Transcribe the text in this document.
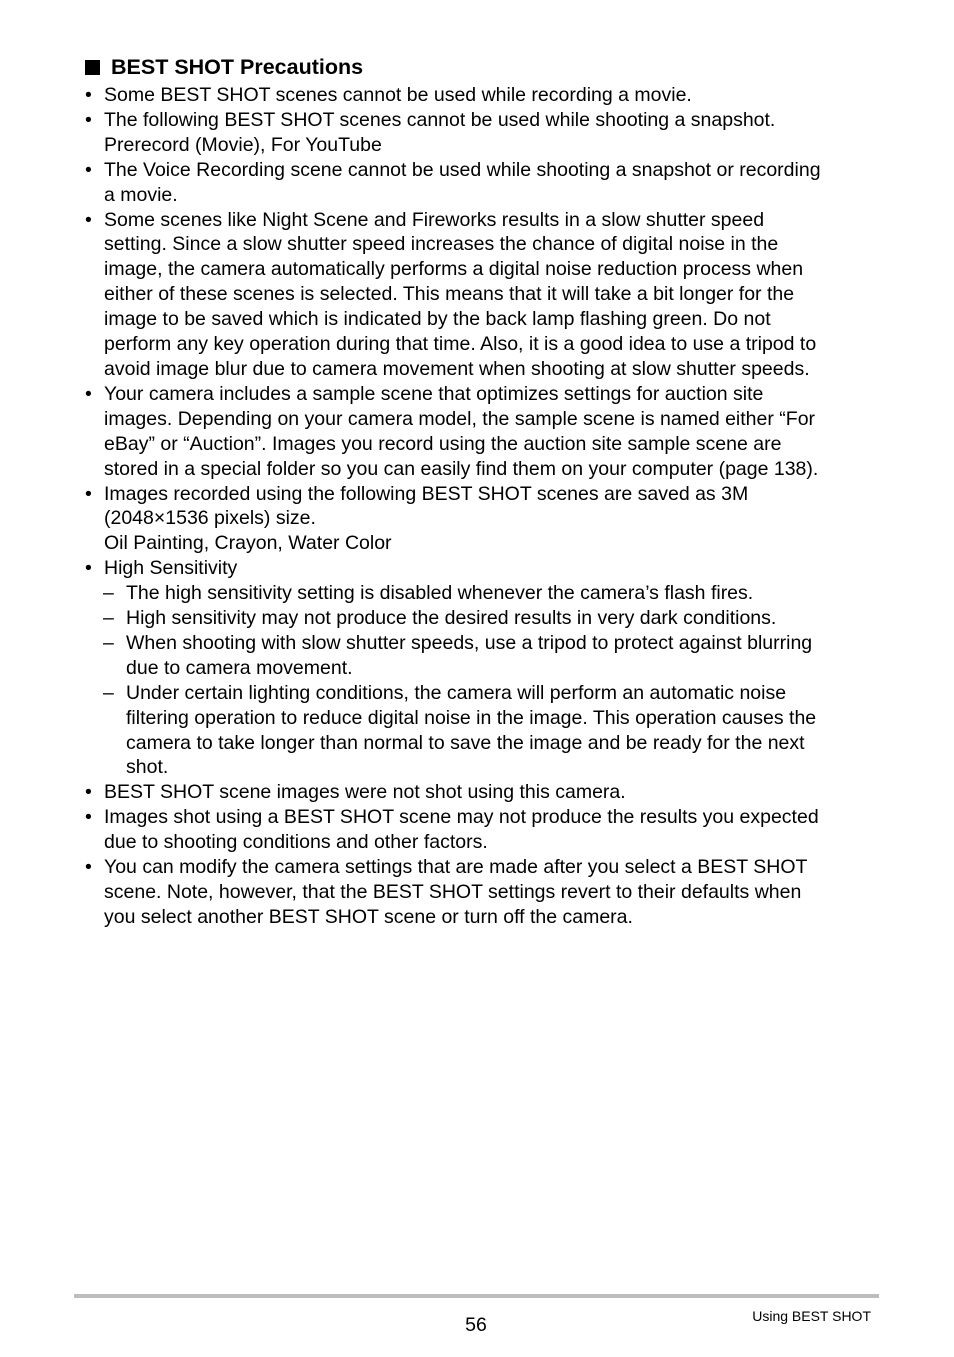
BEST SHOT Precautions
• Some BEST SHOT scenes cannot be used while recording a movie.
• The following BEST SHOT scenes cannot be used while shooting a snapshot.
Prerecord (Movie), For YouTube
• The Voice Recording scene cannot be used while shooting a snapshot or recording
a movie.
• Some scenes like Night Scene and Fireworks results in a slow shutter speed
setting. Since a slow shutter speed increases the chance of digital noise in the
image, the camera automatically performs a digital noise reduction process when
either of these scenes is selected. This means that it will take a bit longer for the
image to be saved which is indicated by the back lamp flashing green. Do not
perform any key operation during that time. Also, it is a good idea to use a tripod to
avoid image blur due to camera movement when shooting at slow shutter speeds.
• Your camera includes a sample scene that optimizes settings for auction site
images. Depending on your camera model, the sample scene is named either “For
eBay” or “Auction”. Images you record using the auction site sample scene are
stored in a special folder so you can easily find them on your computer (page 138).
• Images recorded using the following BEST SHOT scenes are saved as 3M
(2048×1536 pixels) size.
Oil Painting, Crayon, Water Color
• High Sensitivity
– The high sensitivity setting is disabled whenever the camera’s flash fires.
– High sensitivity may not produce the desired results in very dark conditions.
– When shooting with slow shutter speeds, use a tripod to protect against blurring
due to camera movement.
– Under certain lighting conditions, the camera will perform an automatic noise
filtering operation to reduce digital noise in the image. This operation causes the
camera to take longer than normal to save the image and be ready for the next
shot.
• BEST SHOT scene images were not shot using this camera.
• Images shot using a BEST SHOT scene may not produce the results you expected
due to shooting conditions and other factors.
• You can modify the camera settings that are made after you select a BEST SHOT
scene. Note, however, that the BEST SHOT settings revert to their defaults when
you select another BEST SHOT scene or turn off the camera.
56	Using BEST SHOT
